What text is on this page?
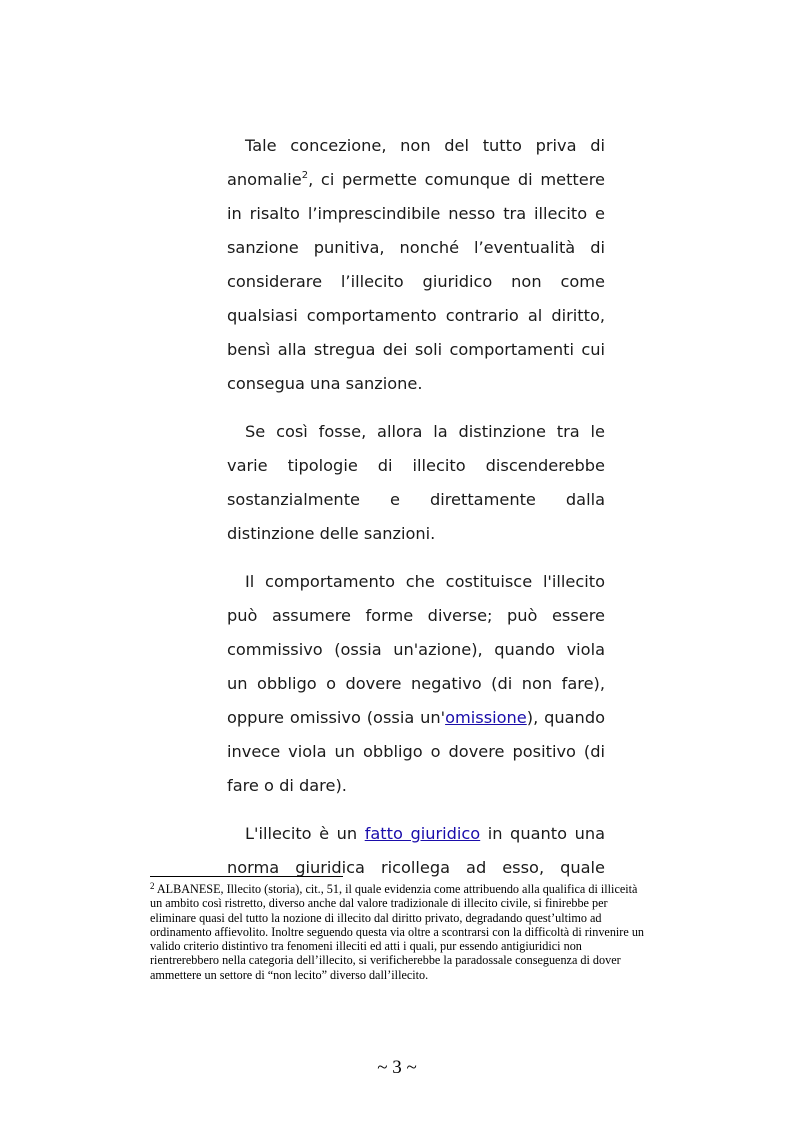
Tale concezione, non del tutto priva di anomalie$^2$, ci permette comunque di mettere in risalto l’imprescindibile nesso tra illecito e sanzione punitiva, nonché l’eventualità di considerare l’illecito giuridico non come qualsiasi comportamento contrario al diritto, bensì alla stregua dei soli comportamenti cui consegua una sanzione.

Se così fosse, allora la distinzione tra le varie tipologie di illecito discenderebbe sostanzialmente e direttamente dalla distinzione delle sanzioni.

Il comportamento che costituisce l'illecito può assumere forme diverse; può essere commissivo (ossia un'azione), quando viola un obbligo o dovere negativo (di non fare), oppure omissivo (ossia un'omissione), quando invece viola un obbligo o dovere positivo (di fare o di dare).

L'illecito è un fatto giuridico in quanto una norma giuridica ricollega ad esso, quale

$^2$ ALBANESE, Illecito (storia), cit., 51, il quale evidenzia come attribuendo alla qualifica di illiceità un ambito così ristretto, diverso anche dal valore tradizionale di illecito civile, si finirebbe per eliminare quasi del tutto la nozione di illecito dal diritto privato, degradando quest’ultimo ad ordinamento affievolito. Inoltre seguendo questa via oltre a scontrarsi con la difficoltà di rinvenire un valido criterio distintivo tra fenomeni illeciti ed atti i quali, pur essendo antigiuridici non rientrerebbero nella categoria dell’illecito, si verificherebbe la paradossale conseguenza di dover ammettere un settore di “non lecito” diverso dall’illecito.
~ 3 ~
